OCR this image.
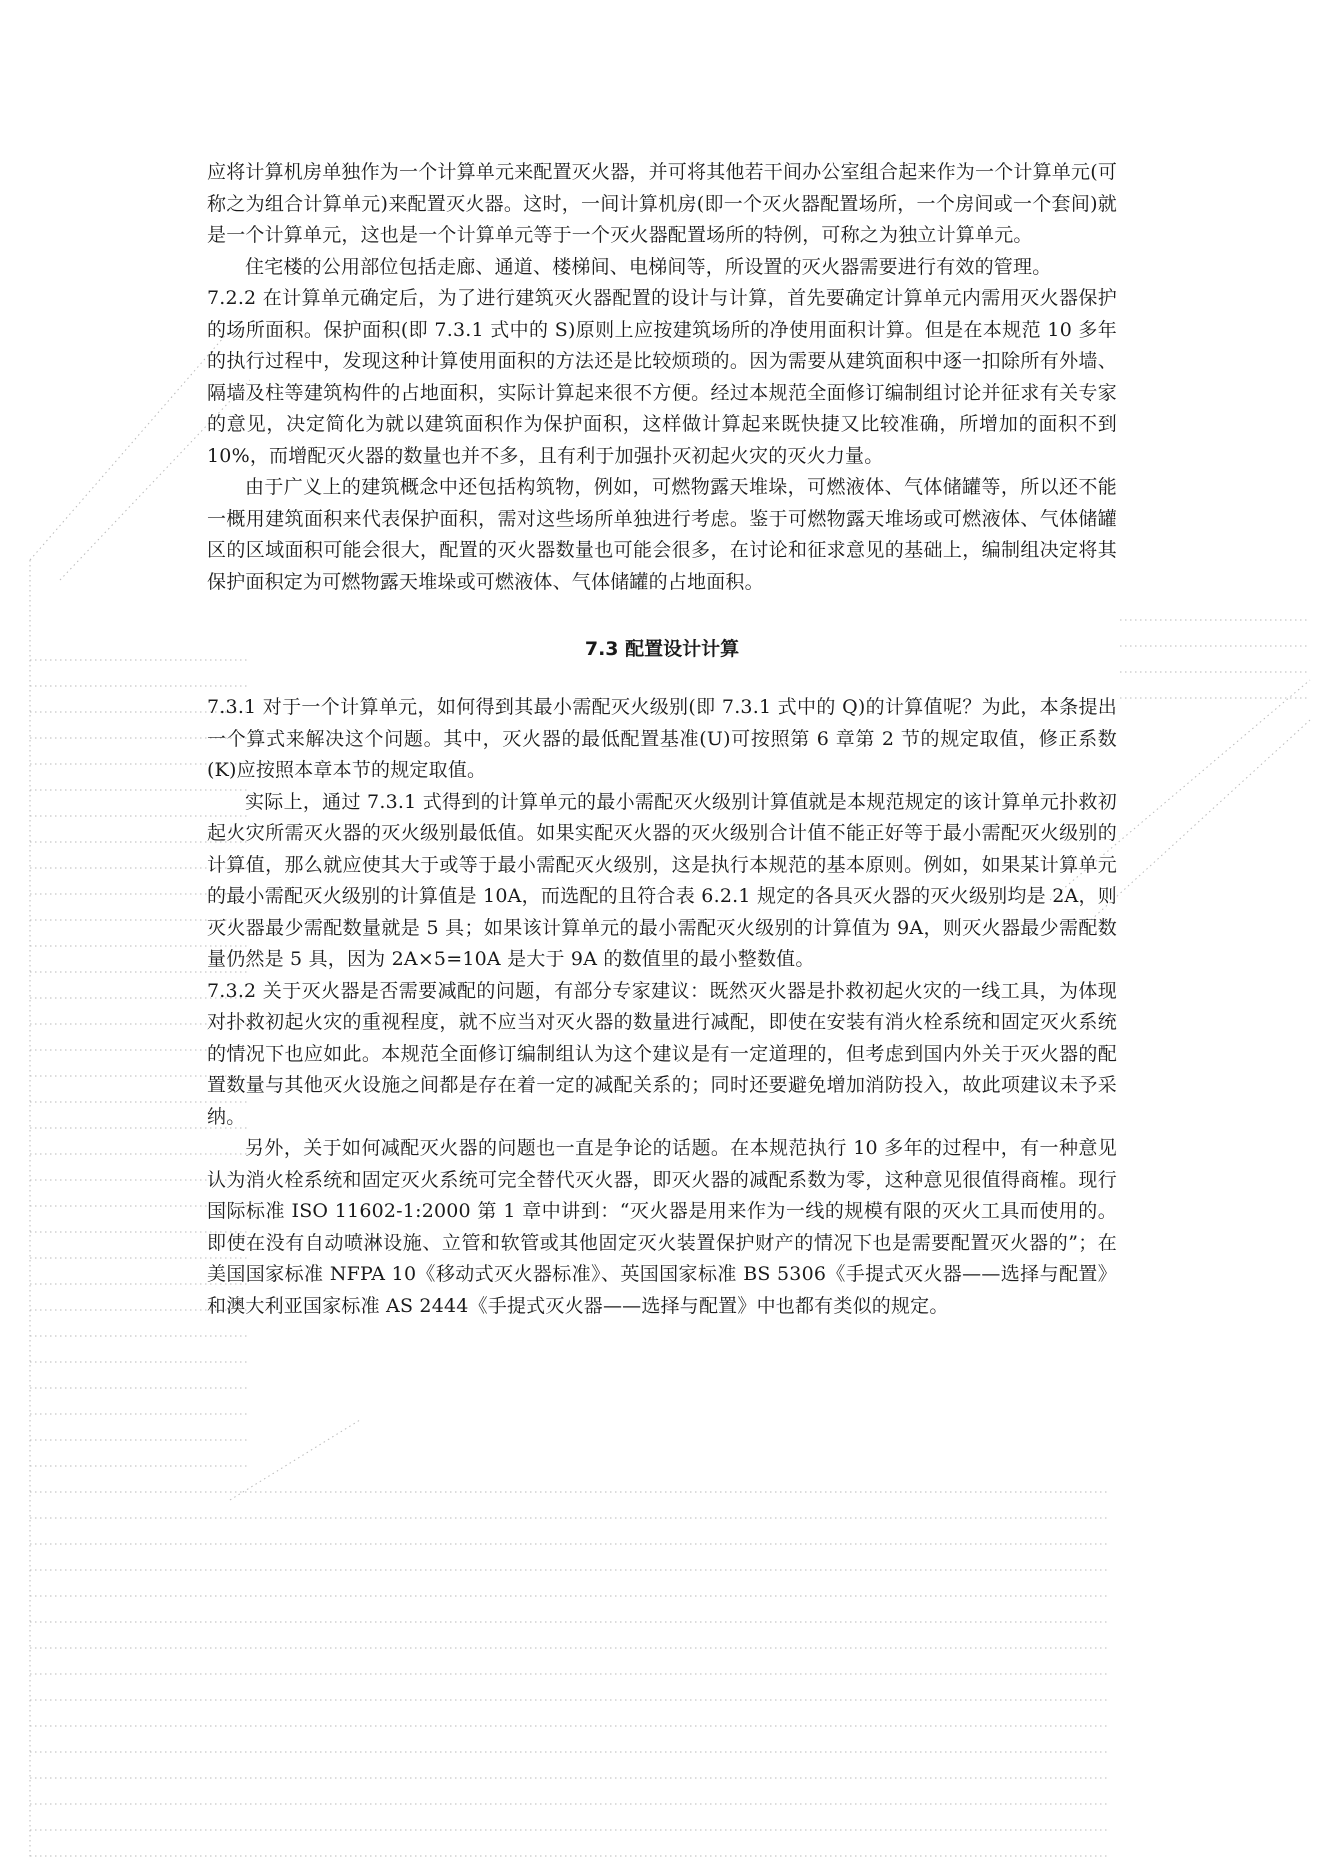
应将计算机房单独作为一个计算单元来配置灭火器，并可将其他若干间办公室组合起来作为一个计算单元(可称之为组合计算单元)来配置灭火器。这时，一间计算机房(即一个灭火器配置场所，一个房间或一个套间)就是一个计算单元，这也是一个计算单元等于一个灭火器配置场所的特例，可称之为独立计算单元。

住宅楼的公用部位包括走廊、通道、楼梯间、电梯间等，所设置的灭火器需要进行有效的管理。

7.2.2 在计算单元确定后，为了进行建筑灭火器配置的设计与计算，首先要确定计算单元内需用灭火器保护的场所面积。保护面积(即 7.3.1 式中的 S)原则上应按建筑场所的净使用面积计算。但是在本规范 10 多年的执行过程中，发现这种计算使用面积的方法还是比较烦琐的。因为需要从建筑面积中逐一扣除所有外墙、隔墙及柱等建筑构件的占地面积，实际计算起来很不方便。经过本规范全面修订编制组讨论并征求有关专家的意见，决定简化为就以建筑面积作为保护面积，这样做计算起来既快捷又比较准确，所增加的面积不到 10%，而增配灭火器的数量也并不多，且有利于加强扑灭初起火灾的灭火力量。

由于广义上的建筑概念中还包括构筑物，例如，可燃物露天堆垛，可燃液体、气体储罐等，所以还不能一概用建筑面积来代表保护面积，需对这些场所单独进行考虑。鉴于可燃物露天堆场或可燃液体、气体储罐区的区域面积可能会很大，配置的灭火器数量也可能会很多，在讨论和征求意见的基础上，编制组决定将其保护面积定为可燃物露天堆垛或可燃液体、气体储罐的占地面积。

7.3 配置设计计算

7.3.1 对于一个计算单元，如何得到其最小需配灭火级别(即 7.3.1 式中的 Q)的计算值呢？为此，本条提出一个算式来解决这个问题。其中，灭火器的最低配置基准(U)可按照第 6 章第 2 节的规定取值，修正系数(K)应按照本章本节的规定取值。

实际上，通过 7.3.1 式得到的计算单元的最小需配灭火级别计算值就是本规范规定的该计算单元扑救初起火灾所需灭火器的灭火级别最低值。如果实配灭火器的灭火级别合计值不能正好等于最小需配灭火级别的计算值，那么就应使其大于或等于最小需配灭火级别，这是执行本规范的基本原则。例如，如果某计算单元的最小需配灭火级别的计算值是 10A，而选配的且符合表 6.2.1 规定的各具灭火器的灭火级别均是 2A，则灭火器最少需配数量就是 5 具；如果该计算单元的最小需配灭火级别的计算值为 9A，则灭火器最少需配数量仍然是 5 具，因为 2A×5=10A 是大于 9A 的数值里的最小整数值。

7.3.2 关于灭火器是否需要减配的问题，有部分专家建议：既然灭火器是扑救初起火灾的一线工具，为体现对扑救初起火灾的重视程度，就不应当对灭火器的数量进行减配，即使在安装有消火栓系统和固定灭火系统的情况下也应如此。本规范全面修订编制组认为这个建议是有一定道理的，但考虑到国内外关于灭火器的配置数量与其他灭火设施之间都是存在着一定的减配关系的；同时还要避免增加消防投入，故此项建议未予采纳。

另外，关于如何减配灭火器的问题也一直是争论的话题。在本规范执行 10 多年的过程中，有一种意见认为消火栓系统和固定灭火系统可完全替代灭火器，即灭火器的减配系数为零，这种意见很值得商榷。现行国际标准 ISO 11602-1:2000 第 1 章中讲到：“灭火器是用来作为一线的规模有限的灭火工具而使用的。即使在没有自动喷淋设施、立管和软管或其他固定灭火装置保护财产的情况下也是需要配置灭火器的”；在美国国家标准 NFPA 10《移动式灭火器标准》、英国国家标准 BS 5306《手提式灭火器——选择与配置》和澳大利亚国家标准 AS 2444《手提式灭火器——选择与配置》中也都有类似的规定。
